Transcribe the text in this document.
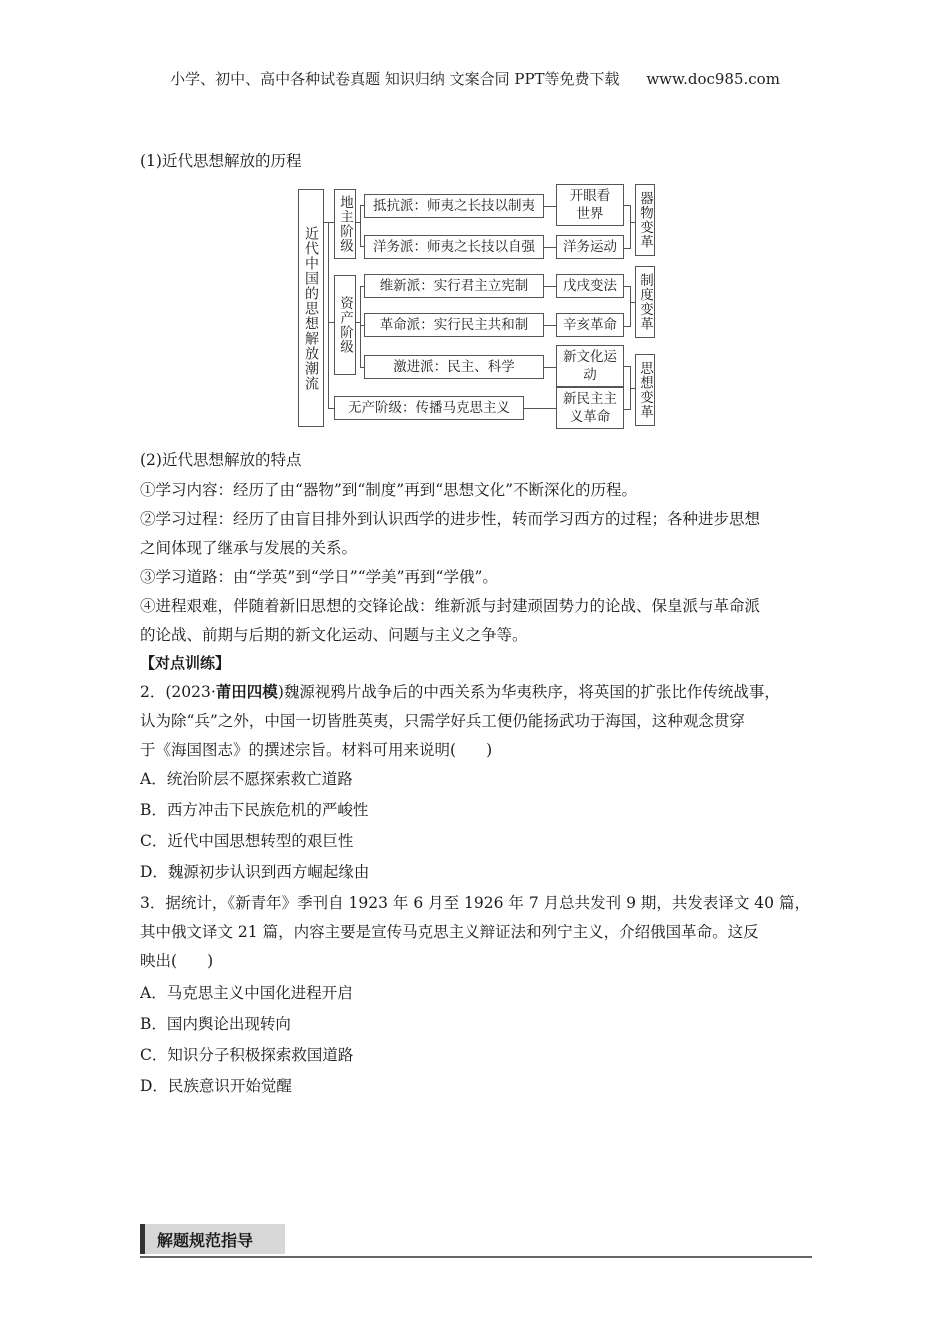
小学、初中、高中各种试卷真题 知识归纳 文案合同 PPT等免费下载 www.doc985.com
(1)近代思想解放的历程
近代中国的思想解放潮流
地主阶级	抵抗派：师夷之长技以制夷
洋务派：师夷之长技以自强
开眼看世界
洋务运动
资产阶级
维新派：实行君主立宪制
革命派：实行民主共和制
激进派：民主、科学
戊戌变法
辛亥革命
新文化运动
无产阶级：传播马克思主义
新民主主义革命
器物变革
制度变革
思想变革
(2)近代思想解放的特点
①学习内容：经历了由“器物”到“制度”再到“思想文化”不断深化的历程。
②学习过程：经历了由盲目排外到认识西学的进步性，转而学习西方的过程；各种进步思想
之间体现了继承与发展的关系。
③学习道路：由“学英”到“学日”“学美”再到“学俄”。
④进程艰难，伴随着新旧思想的交锋论战：维新派与封建顽固势力的论战、保皇派与革命派
的论战、前期与后期的新文化运动、问题与主义之争等。
【对点训练】
2．(2023·莆田四模)魏源视鸦片战争后的中西关系为华夷秩序，将英国的扩张比作传统战事，
认为除“兵”之外，中国一切皆胜英夷，只需学好兵工便仍能扬武功于海国，这种观念贯穿
于《海国图志》的撰述宗旨。材料可用来说明( )
A．统治阶层不愿探索救亡道路
B．西方冲击下民族危机的严峻性
C．近代中国思想转型的艰巨性
D．魏源初步认识到西方崛起缘由
3．据统计，《新青年》季刊自 1923 年 6 月至 1926 年 7 月总共发刊 9 期，共发表译文 40 篇，
其中俄文译文 21 篇，内容主要是宣传马克思主义辩证法和列宁主义，介绍俄国革命。这反
映出( )
A．马克思主义中国化进程开启
B．国内舆论出现转向
C．知识分子积极探索救国道路
D．民族意识开始觉醒
解题规范指导
